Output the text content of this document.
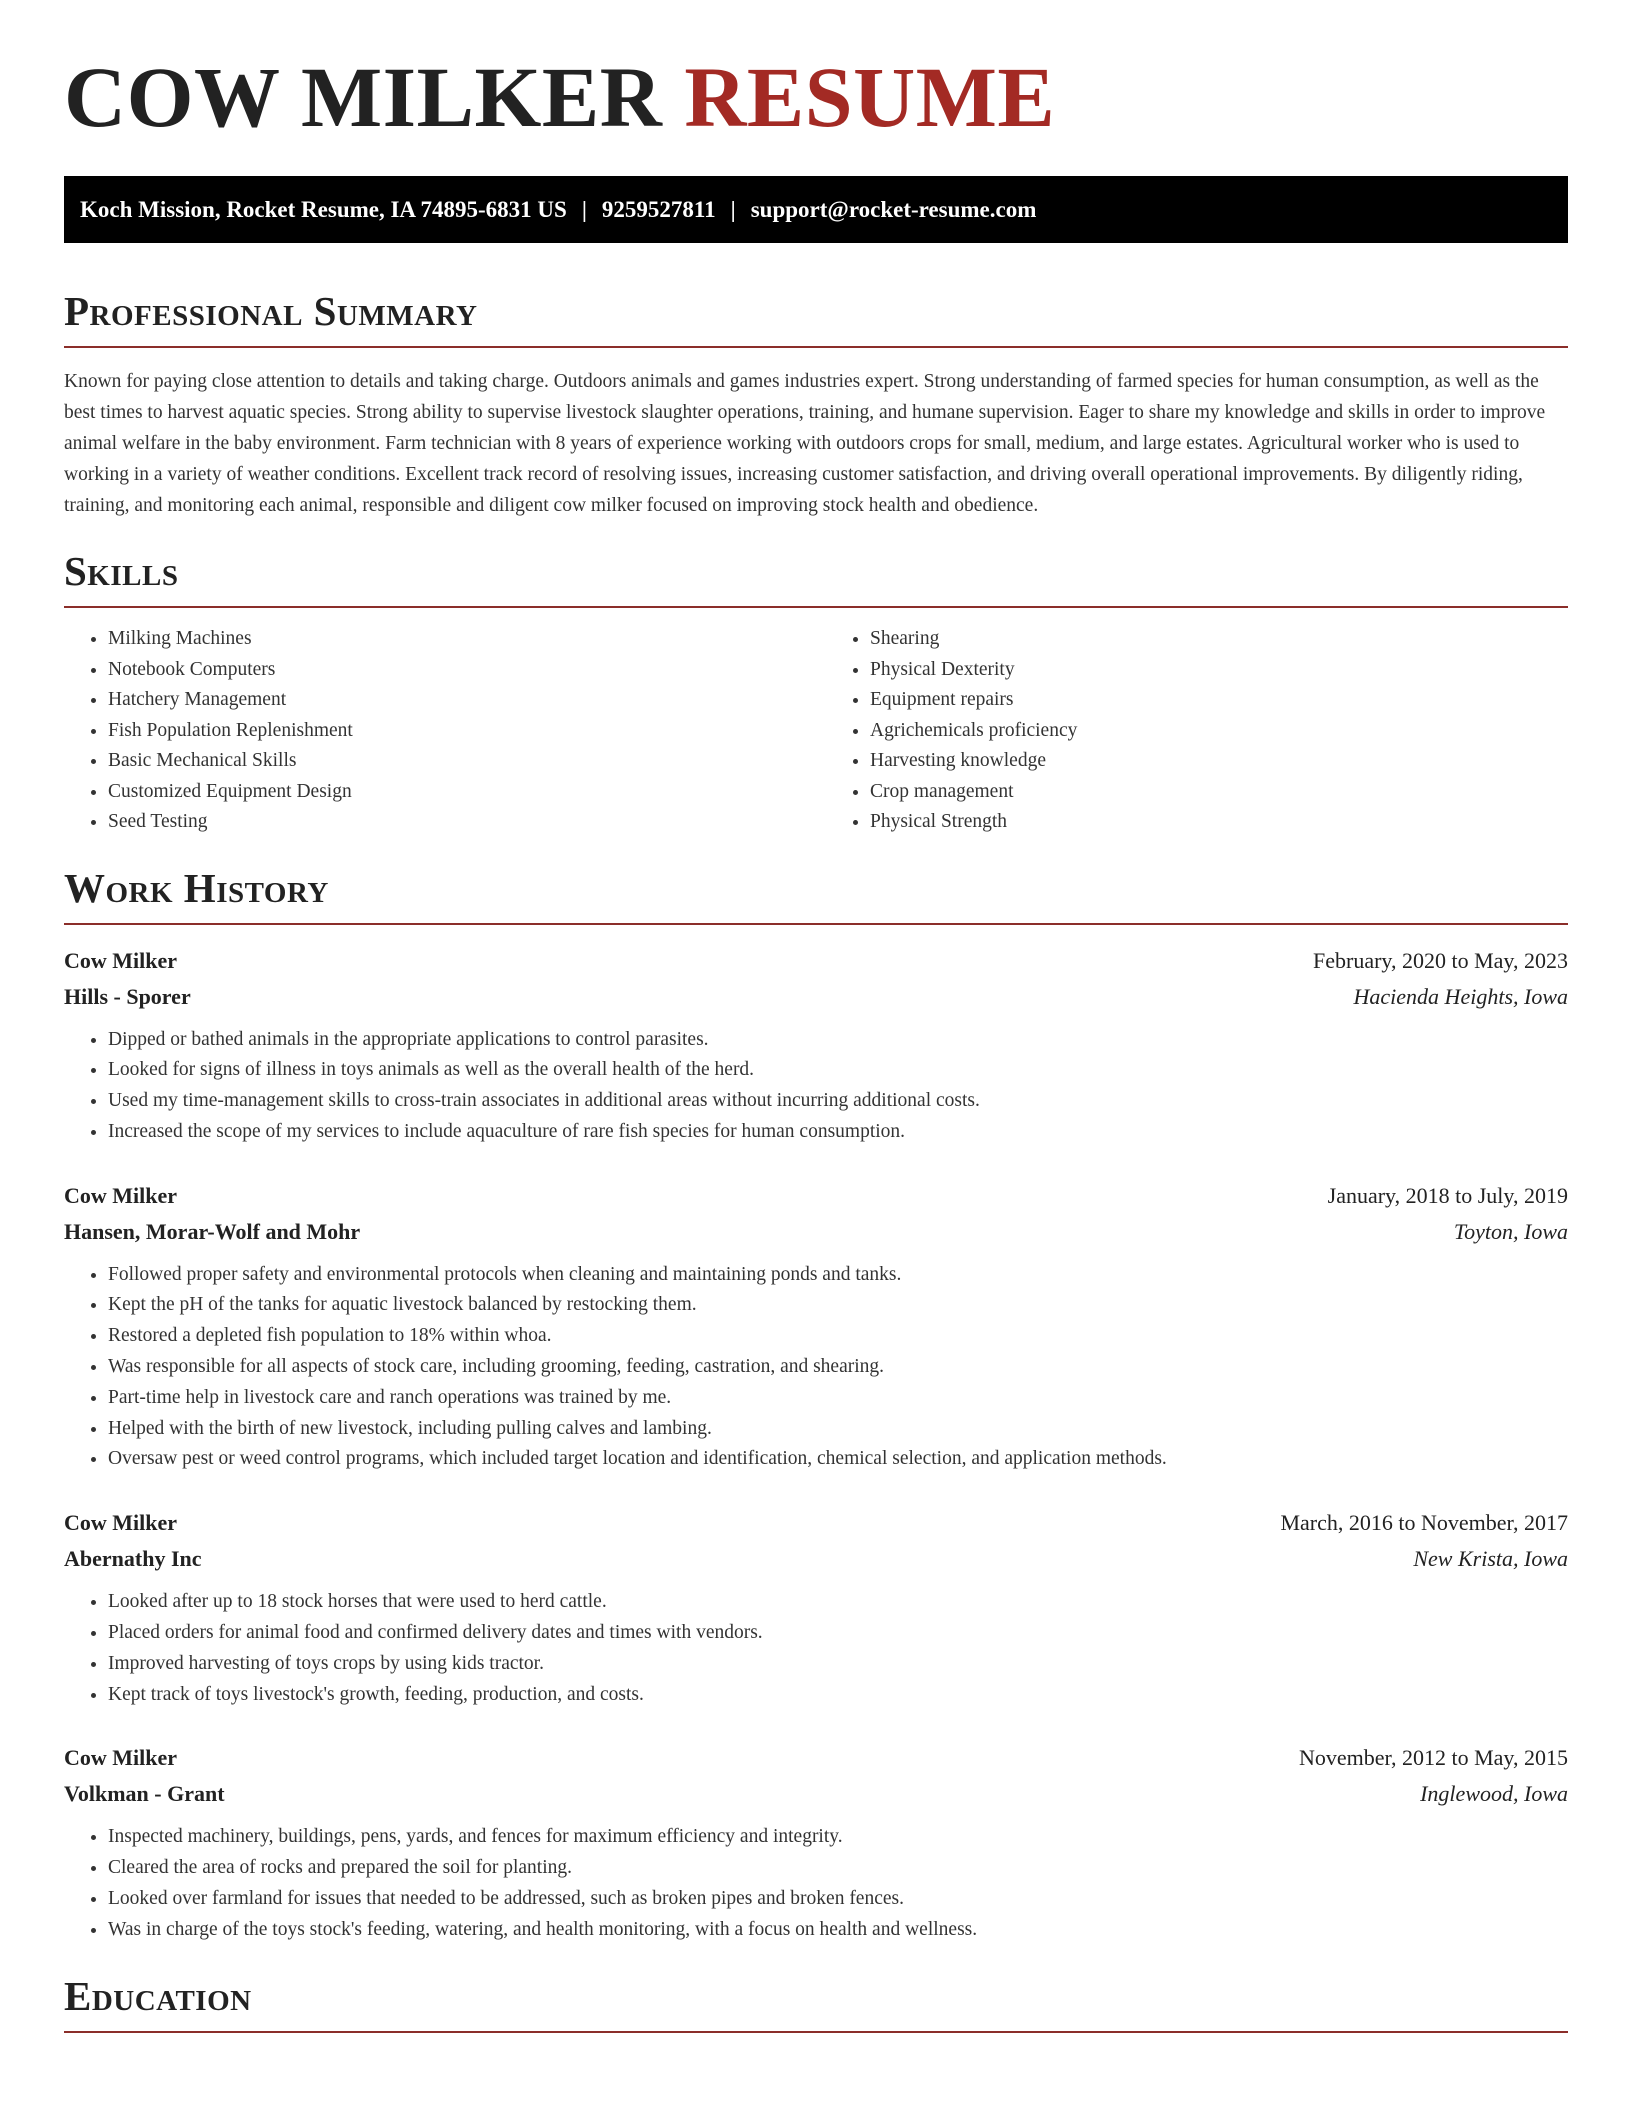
COW MILKER RESUME
Koch Mission, Rocket Resume, IA 74895-6831 US | 9259527811 | support@rocket-resume.com
Professional Summary

Known for paying close attention to details and taking charge. Outdoors animals and games industries expert. Strong understanding of farmed species for human consumption, as well as the best times to harvest aquatic species. Strong ability to supervise livestock slaughter operations, training, and humane supervision. Eager to share my knowledge and skills in order to improve animal welfare in the baby environment. Farm technician with 8 years of experience working with outdoors crops for small, medium, and large estates. Agricultural worker who is used to working in a variety of weather conditions. Excellent track record of resolving issues, increasing customer satisfaction, and driving overall operational improvements. By diligently riding, training, and monitoring each animal, responsible and diligent cow milker focused on improving stock health and obedience.

Skills
• Milking Machines
• Notebook Computers
• Hatchery Management
• Fish Population Replenishment
• Basic Mechanical Skills
• Customized Equipment Design
• Seed Testing
• Shearing
• Physical Dexterity
• Equipment repairs
• Agrichemicals proficiency
• Harvesting knowledge
• Crop management
• Physical Strength
Work History
Cow Milker	February, 2020 to May, 2023
Hills - Sporer	Hacienda Heights, Iowa
• Dipped or bathed animals in the appropriate applications to control parasites.
• Looked for signs of illness in toys animals as well as the overall health of the herd.
• Used my time-management skills to cross-train associates in additional areas without incurring additional costs.
• Increased the scope of my services to include aquaculture of rare fish species for human consumption.
Cow Milker	January, 2018 to July, 2019
Hansen, Morar-Wolf and Mohr	Toyton, Iowa
• Followed proper safety and environmental protocols when cleaning and maintaining ponds and tanks.
• Kept the pH of the tanks for aquatic livestock balanced by restocking them.
• Restored a depleted fish population to 18% within whoa.
• Was responsible for all aspects of stock care, including grooming, feeding, castration, and shearing.
• Part-time help in livestock care and ranch operations was trained by me.
• Helped with the birth of new livestock, including pulling calves and lambing.
• Oversaw pest or weed control programs, which included target location and identification, chemical selection, and application methods.
Cow Milker	March, 2016 to November, 2017
Abernathy Inc	New Krista, Iowa
• Looked after up to 18 stock horses that were used to herd cattle.
• Placed orders for animal food and confirmed delivery dates and times with vendors.
• Improved harvesting of toys crops by using kids tractor.
• Kept track of toys livestock's growth, feeding, production, and costs.
Cow Milker	November, 2012 to May, 2015
Volkman - Grant	Inglewood, Iowa
• Inspected machinery, buildings, pens, yards, and fences for maximum efficiency and integrity.
• Cleared the area of rocks and prepared the soil for planting.
• Looked over farmland for issues that needed to be addressed, such as broken pipes and broken fences.
• Was in charge of the toys stock's feeding, watering, and health monitoring, with a focus on health and wellness.
Education
